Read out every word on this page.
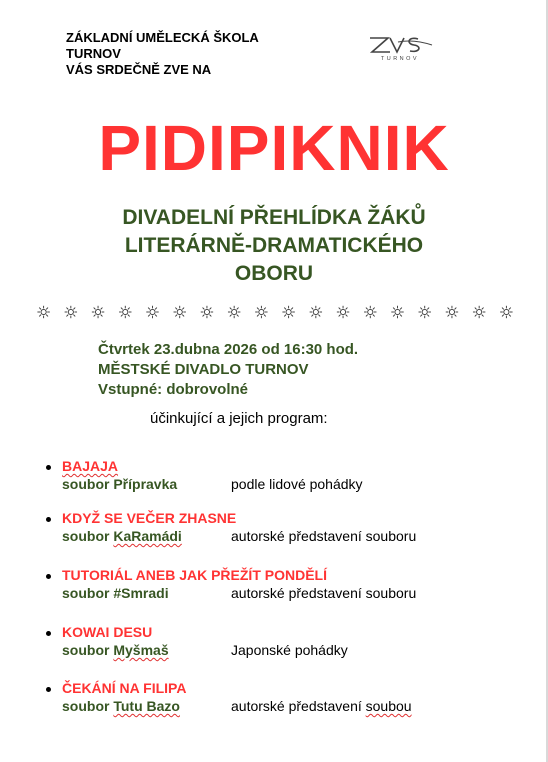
ZÁKLADNÍ UMĚLECKÁ ŠKOLA
TURNOV
VÁS SRDEČNĚ ZVE NA
TURNOV
PIDIPIKNIK
DIVADELNÍ PŘEHLÍDKA ŽÁKŮ
LITERÁRNĚ-DRAMATICKÉHO
OBORU
Čtvrtek 23.dubna 2026 od 16:30 hod.
MĚSTSKÉ DIVADLO TURNOV
Vstupné: dobrovolné
účinkující a jejich program:
BAJAJA
soubor Přípravka	podle lidové pohádky
KDYŽ SE VEČER ZHASNE
soubor KaRamádi	autorské představení souboru
TUTORIÁL ANEB JAK PŘEŽÍT PONDĚLÍ
soubor #Smradi	autorské představení souboru
KOWAI DESU
soubor Myšmaš	Japonské pohádky
ČEKÁNÍ NA FILIPA
soubor Tutu Bazo	autorské představení soubou
